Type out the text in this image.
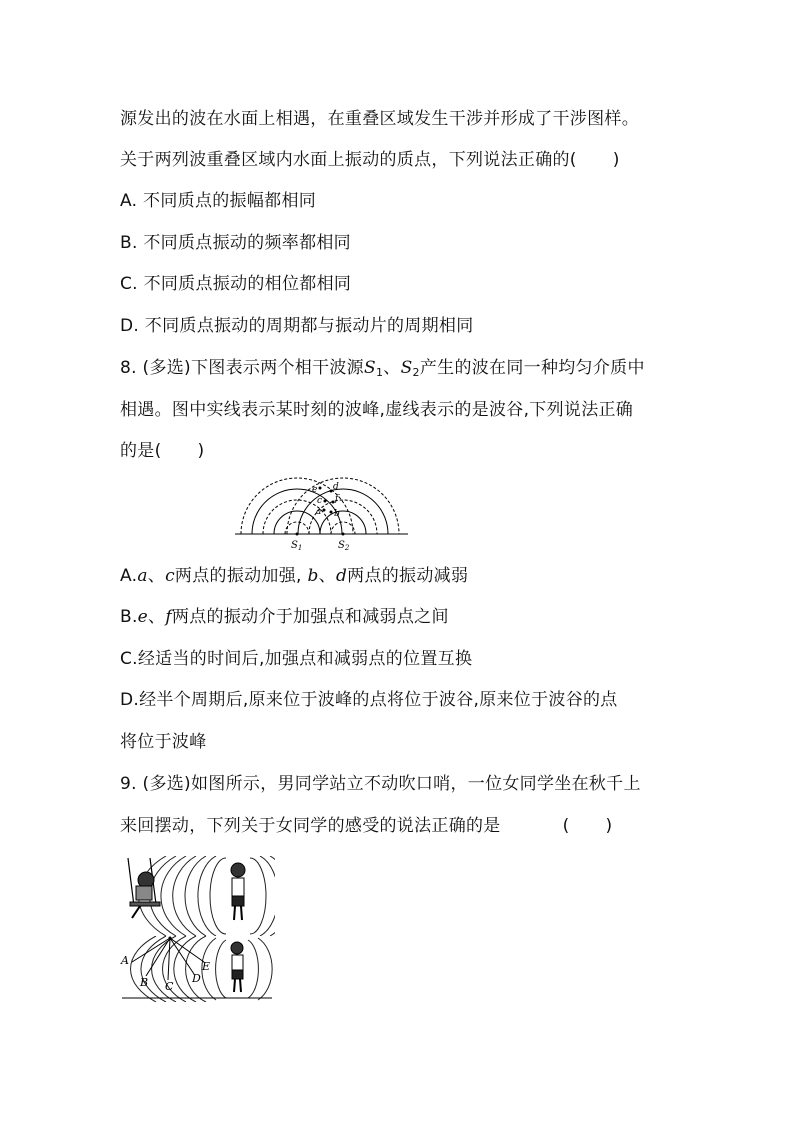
源发出的波在水面上相遇，在重叠区域发生干涉并形成了干涉图样。
关于两列波重叠区域内水面上振动的质点，下列说法正确的( )
A. 不同质点的振幅都相同
B. 不同质点振动的频率都相同
C. 不同质点振动的相位都相同
D. 不同质点振动的周期都与振动片的周期相同
8. (多选)下图表示两个相干波源$S_1$、$S_2$产生的波在同一种均匀介质中
相遇。图中实线表示某时刻的波峰,虚线表示的是波谷,下列说法正确
的是( )
$S_1$	$S_2$
e d
c f
a b
A.a、c两点的振动加强, b、d两点的振动减弱
B.e、f两点的振动介于加强点和减弱点之间
C.经适当的时间后,加强点和减弱点的位置互换
D.经半个周期后,原来位于波峰的点将位于波谷,原来位于波谷的点
将位于波峰
9. (多选)如图所示，男同学站立不动吹口哨，一位女同学坐在秋千上
来回摆动，下列关于女同学的感受的说法正确的是	( )
A
B C
D
E
